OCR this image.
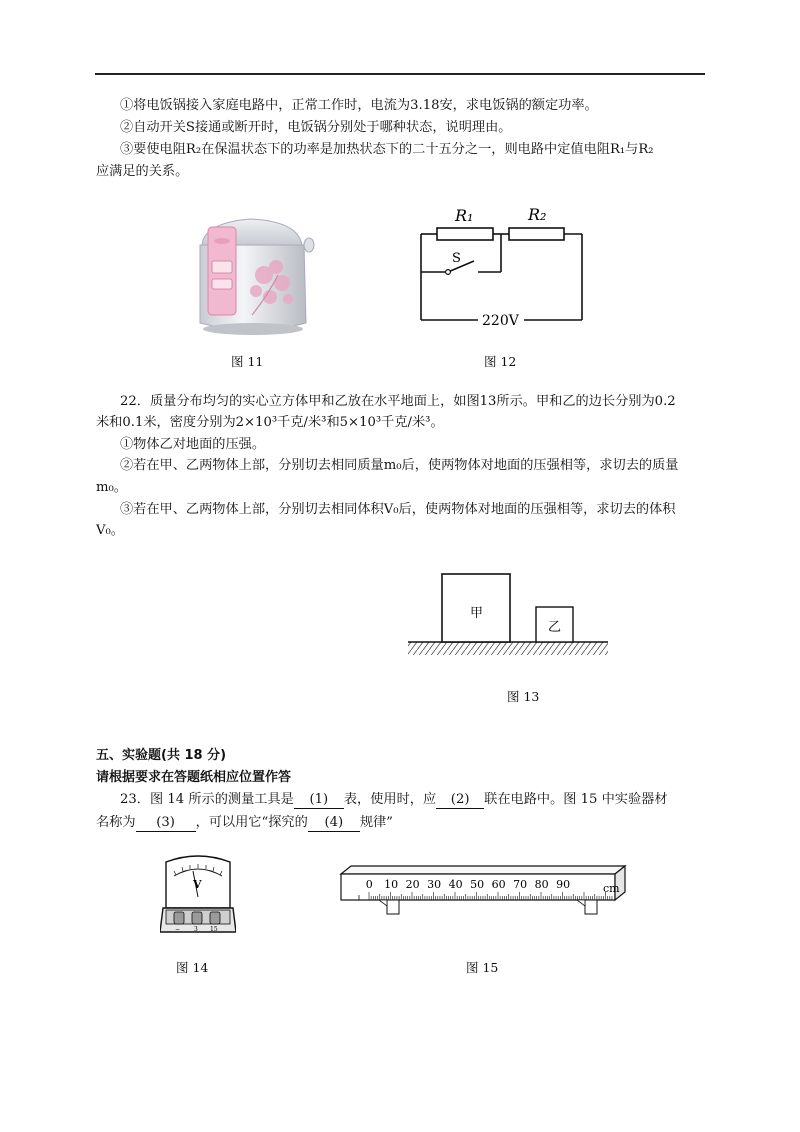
①将电饭锅接入家庭电路中，正常工作时，电流为3.18安，求电饭锅的额定功率。
②自动开关S接通或断开时，电饭锅分别处于哪种状态，说明理由。
③要使电阻R₂在保温状态下的功率是加热状态下的二十五分之一，则电路中定值电阻R₁与R₂
应满足的关系。
图 11
R₁	R₂
S
220V
图 12
22．质量分布均匀的实心立方体甲和乙放在水平地面上，如图13所示。甲和乙的边长分别为0.2
米和0.1米，密度分别为2×10³千克/米³和5×10³千克/米³。
①物体乙对地面的压强。
②若在甲、乙两物体上部，分别切去相同质量m₀后，使两物体对地面的压强相等，求切去的质量
m₀。
③若在甲、乙两物体上部，分别切去相同体积V₀后，使两物体对地面的压强相等，求切去的体积
V₀。
甲
乙
图 13
五、实验题(共 18 分)
请根据要求在答题纸相应位置作答
23．图 14 所示的测量工具是 (1) 表，使用时，应 (2) 联在电路中。图 15 中实验器材
名称为 (3) ，可以用它“探究的 (4) 规律”
V
− 3 15
图 14
0 10 20 30 40 50 60 70 80 90	cm
图 15
